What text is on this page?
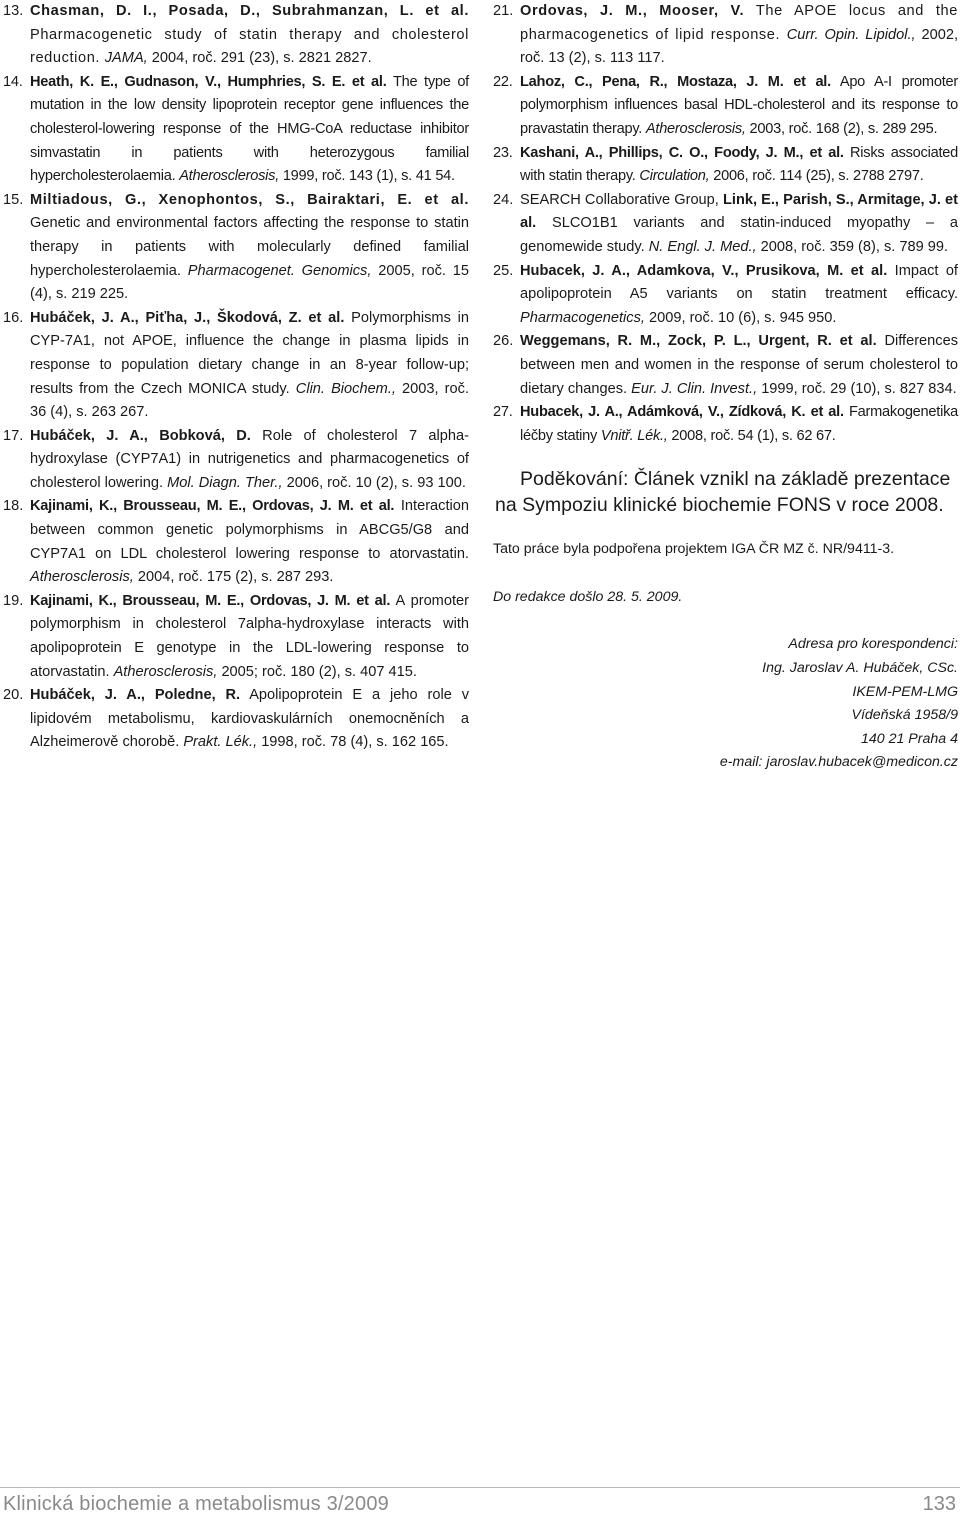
13. Chasman, D. I., Posada, D., Subrahmanzan, L. et al. Pharmacogenetic study of statin therapy and cholesterol reduction. JAMA, 2004, roč. 291 (23), s. 2821 2827.

14. Heath, K. E., Gudnason, V., Humphries, S. E. et al. The type of mutation in the low density lipoprotein receptor gene influences the cholesterol-lowering response of the HMG-CoA reductase inhibitor simvastatin in patients with heterozygous familial hypercholesterolaemia. Atherosclerosis, 1999, roč. 143 (1), s. 41 54.

15. Miltiadous, G., Xenophontos, S., Bairaktari, E. et al. Genetic and environmental factors affecting the response to statin therapy in patients with molecularly defined familial hypercholesterolaemia. Pharmacogenet. Genomics, 2005, roč. 15 (4), s. 219 225.

16. Hubáček, J. A., Piťha, J., Škodová, Z. et al. Polymorphisms in CYP-7A1, not APOE, influence the change in plasma lipids in response to population dietary change in an 8-year follow-up; results from the Czech MONICA study. Clin. Biochem., 2003, roč. 36 (4), s. 263 267.

17. Hubáček, J. A., Bobková, D. Role of cholesterol 7 alpha-hydroxylase (CYP7A1) in nutrigenetics and pharmacogenetics of cholesterol lowering. Mol. Diagn. Ther., 2006, roč. 10 (2), s. 93 100.

18. Kajinami, K., Brousseau, M. E., Ordovas, J. M. et al. Interaction between common genetic polymorphisms in ABCG5/G8 and CYP7A1 on LDL cholesterol lowering response to atorvastatin. Atherosclerosis, 2004, roč. 175 (2), s. 287 293.

19. Kajinami, K., Brousseau, M. E., Ordovas, J. M. et al. A promoter polymorphism in cholesterol 7alpha-hydroxylase interacts with apolipoprotein E genotype in the LDL-lowering response to atorvastatin. Atherosclerosis, 2005; roč. 180 (2), s. 407 415.

20. Hubáček, J. A., Poledne, R. Apolipoprotein E a jeho role v lipidovém metabolismu, kardiovaskulárních onemocněních a Alzheimerově chorobě. Prakt. Lék., 1998, roč. 78 (4), s. 162 165.

21. Ordovas, J. M., Mooser, V. The APOE locus and the pharmacogenetics of lipid response. Curr. Opin. Lipidol., 2002, roč. 13 (2), s. 113 117.

22. Lahoz, C., Pena, R., Mostaza, J. M. et al. Apo A-I promoter polymorphism influences basal HDL-cholesterol and its response to pravastatin therapy. Atherosclerosis, 2003, roč. 168 (2), s. 289 295.

23. Kashani, A., Phillips, C. O., Foody, J. M., et al. Risks associated with statin therapy. Circulation, 2006, roč. 114 (25), s. 2788 2797.

24. SEARCH Collaborative Group, Link, E., Parish, S., Armitage, J. et al. SLCO1B1 variants and statin-induced myopathy – a genomewide study. N. Engl. J. Med., 2008, roč. 359 (8), s. 789 99.

25. Hubacek, J. A., Adamkova, V., Prusikova, M. et al. Impact of apolipoprotein A5 variants on statin treatment efficacy. Pharmacogenetics, 2009, roč. 10 (6), s. 945 950.

26. Weggemans, R. M., Zock, P. L., Urgent, R. et al. Differences between men and women in the response of serum cholesterol to dietary changes. Eur. J. Clin. Invest., 1999, roč. 29 (10), s. 827 834.

27. Hubacek, J. A., Adámková, V., Zídková, K. et al. Farmakogenetika léčby statiny Vnitř. Lék., 2008, roč. 54 (1), s. 62 67.

Poděkování: Článek vznikl na základě prezentace
na Sympoziu klinické biochemie FONS v roce 2008.

Tato práce byla podpořena projektem IGA ČR MZ č. NR/9411-3.

Do redakce došlo 28. 5. 2009.

Adresa pro korespondenci:
Ing. Jaroslav A. Hubáček, CSc.
IKEM-PEM-LMG
Vídeňská 1958/9
140 21 Praha 4
e-mail: jaroslav.hubacek@medicon.cz
Klinická biochemie a metabolismus 3/2009	133
